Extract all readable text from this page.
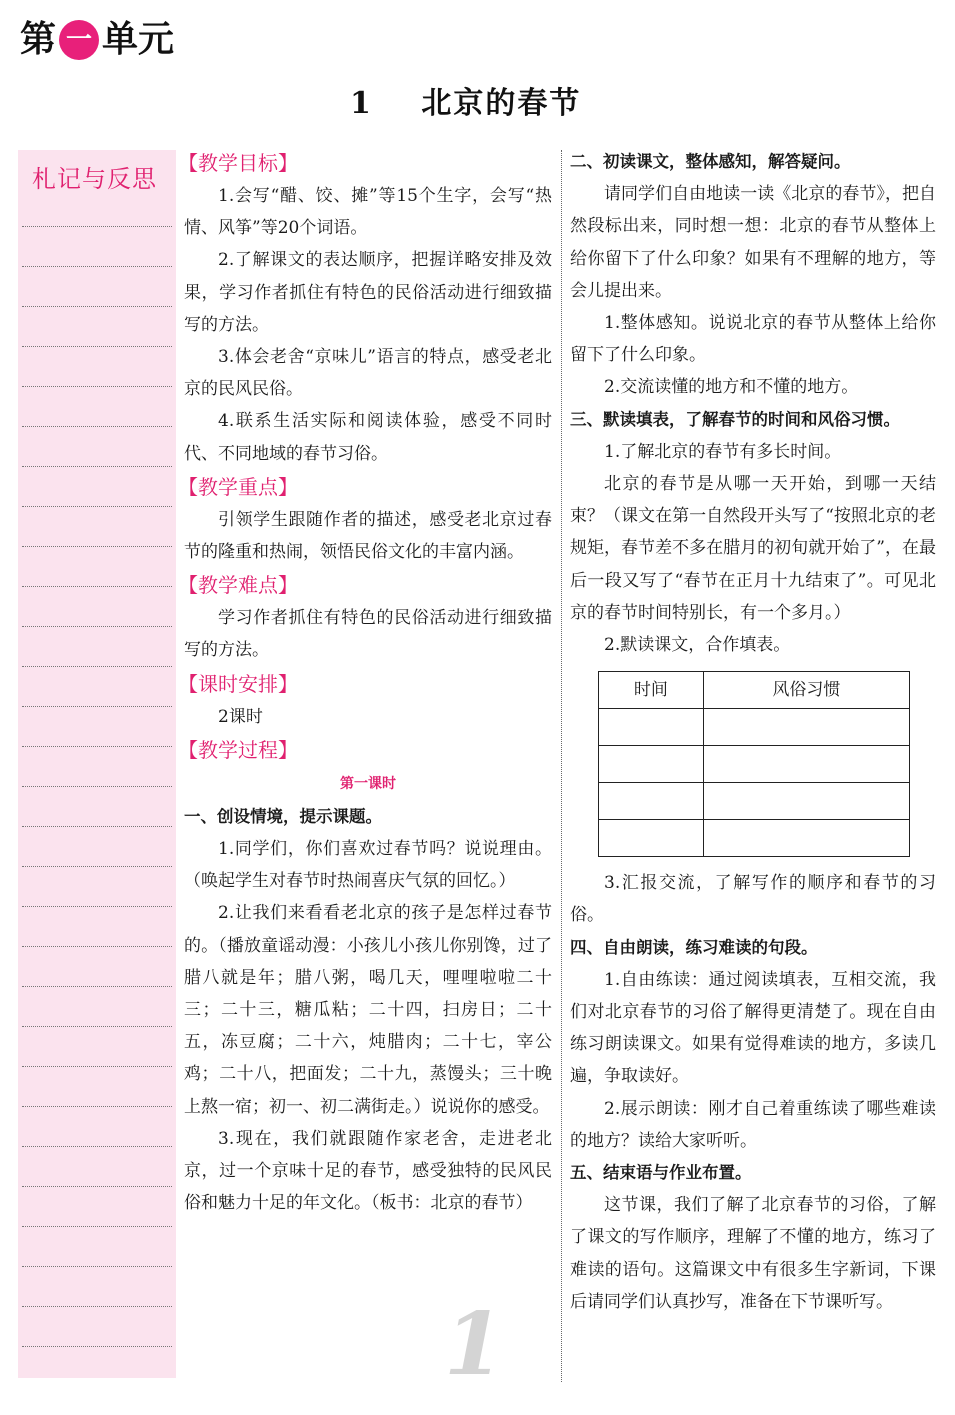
第 一 单元
1 北京的春节
札记与反思
【教学目标】

1.会写“醋、饺、摊”等15个生字，会写“热情、风筝”等20个词语。

2.了解课文的表达顺序，把握详略安排及效果，学习作者抓住有特色的民俗活动进行细致描写的方法。

3.体会老舍“京味儿”语言的特点，感受老北京的民风民俗。

4.联系生活实际和阅读体验，感受不同时代、不同地域的春节习俗。

【教学重点】

引领学生跟随作者的描述，感受老北京过春节的隆重和热闹，领悟民俗文化的丰富内涵。

【教学难点】

学习作者抓住有特色的民俗活动进行细致描写的方法。

【课时安排】

2课时

【教学过程】
第一课时

一、创设情境，提示课题。

1.同学们，你们喜欢过春节吗？说说理由。（唤起学生对春节时热闹喜庆气氛的回忆。）

2.让我们来看看老北京的孩子是怎样过春节的。（播放童谣动漫：小孩儿小孩儿你别馋，过了腊八就是年；腊八粥，喝几天，哩哩啦啦二十三；二十三，糖瓜粘；二十四，扫房日；二十五，冻豆腐；二十六，炖腊肉；二十七，宰公鸡；二十八，把面发；二十九，蒸馒头；三十晚上熬一宿；初一、初二满街走。）说说你的感受。

3.现在，我们就跟随作家老舍，走进老北京，过一个京味十足的春节，感受独特的民风民俗和魅力十足的年文化。（板书：北京的春节）

二、初读课文，整体感知，解答疑问。

请同学们自由地读一读《北京的春节》，把自然段标出来，同时想一想：北京的春节从整体上给你留下了什么印象？如果有不理解的地方，等会儿提出来。

1.整体感知。说说北京的春节从整体上给你留下了什么印象。

2.交流读懂的地方和不懂的地方。

三、默读填表，了解春节的时间和风俗习惯。

1.了解北京的春节有多长时间。

北京的春节是从哪一天开始，到哪一天结束？（课文在第一自然段开头写了“按照北京的老规矩，春节差不多在腊月的初旬就开始了”，在最后一段又写了“春节在正月十九结束了”。可见北京的春节时间特别长，有一个多月。）

2.默读课文，合作填表。

时间	风俗习惯

3.汇报交流，了解写作的顺序和春节的习俗。

四、自由朗读，练习难读的句段。

1.自由练读：通过阅读填表，互相交流，我们对北京春节的习俗了解得更清楚了。现在自由练习朗读课文。如果有觉得难读的地方，多读几遍，争取读好。

2.展示朗读：刚才自己着重练读了哪些难读的地方？读给大家听听。

五、结束语与作业布置。

这节课，我们了解了北京春节的习俗，了解了课文的写作顺序，理解了不懂的地方，练习了难读的语句。这篇课文中有很多生字新词，下课后请同学们认真抄写，准备在下节课听写。

1
